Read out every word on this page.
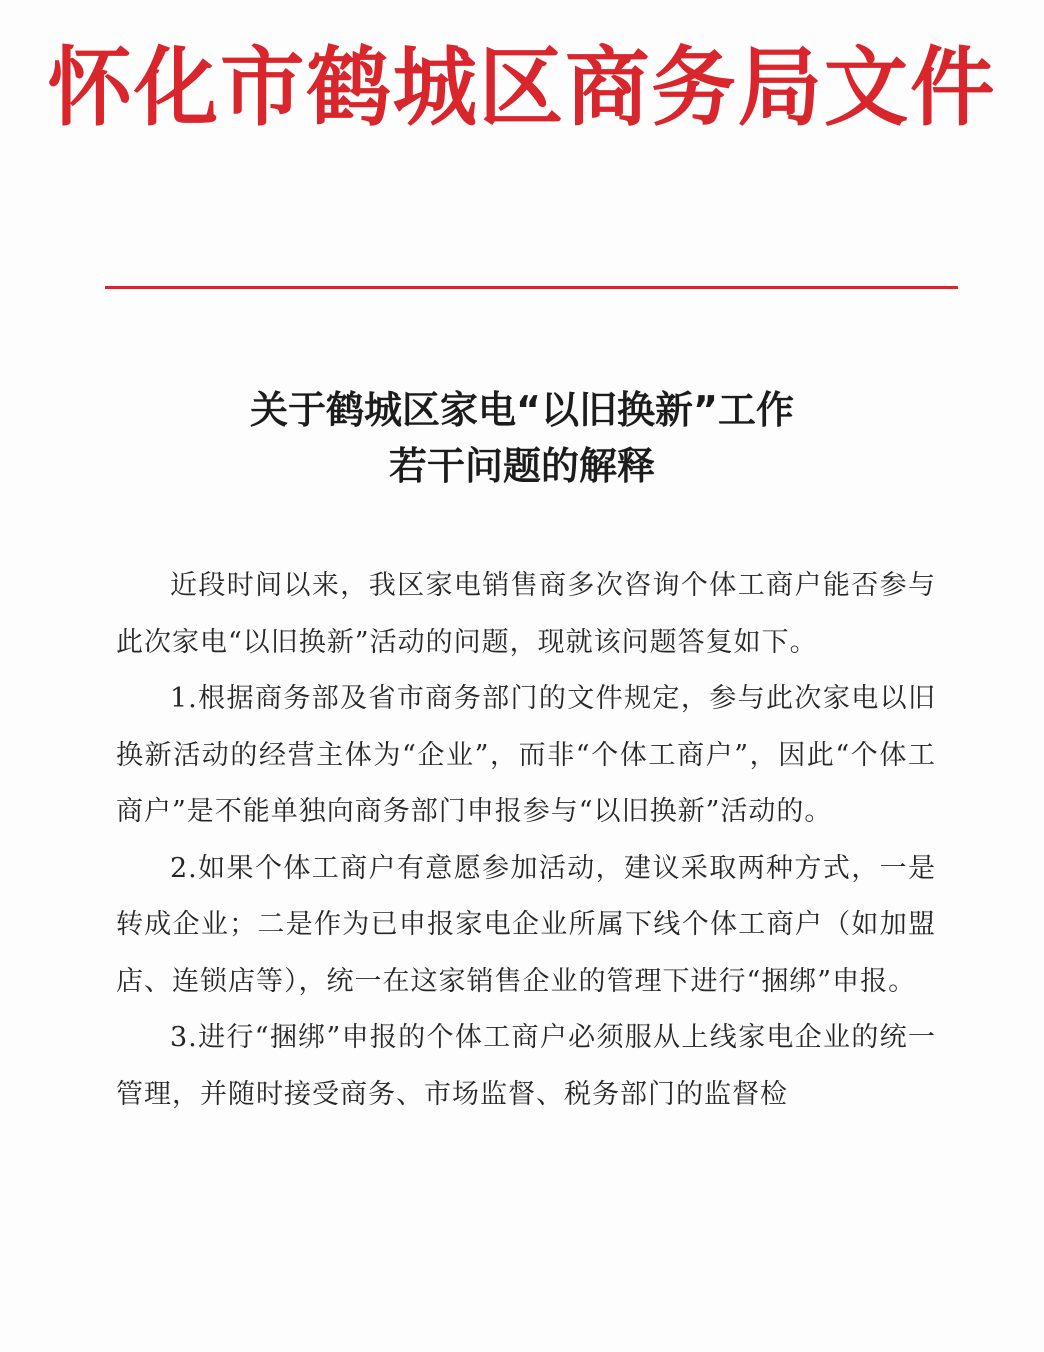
怀化市鹤城区商务局文件
关于鹤城区家电“以旧换新”工作
若干问题的解释

近段时间以来，我区家电销售商多次咨询个体工商户能否参与此次家电“以旧换新”活动的问题，现就该问题答复如下。

1.根据商务部及省市商务部门的文件规定，参与此次家电以旧换新活动的经营主体为“企业”，而非“个体工商户”，因此“个体工商户”是不能单独向商务部门申报参与“以旧换新”活动的。

2.如果个体工商户有意愿参加活动，建议采取两种方式，一是转成企业；二是作为已申报家电企业所属下线个体工商户（如加盟店、连锁店等），统一在这家销售企业的管理下进行“捆绑”申报。

3.进行“捆绑”申报的个体工商户必须服从上线家电企业的统一管理，并随时接受商务、市场监督、税务部门的监督检
